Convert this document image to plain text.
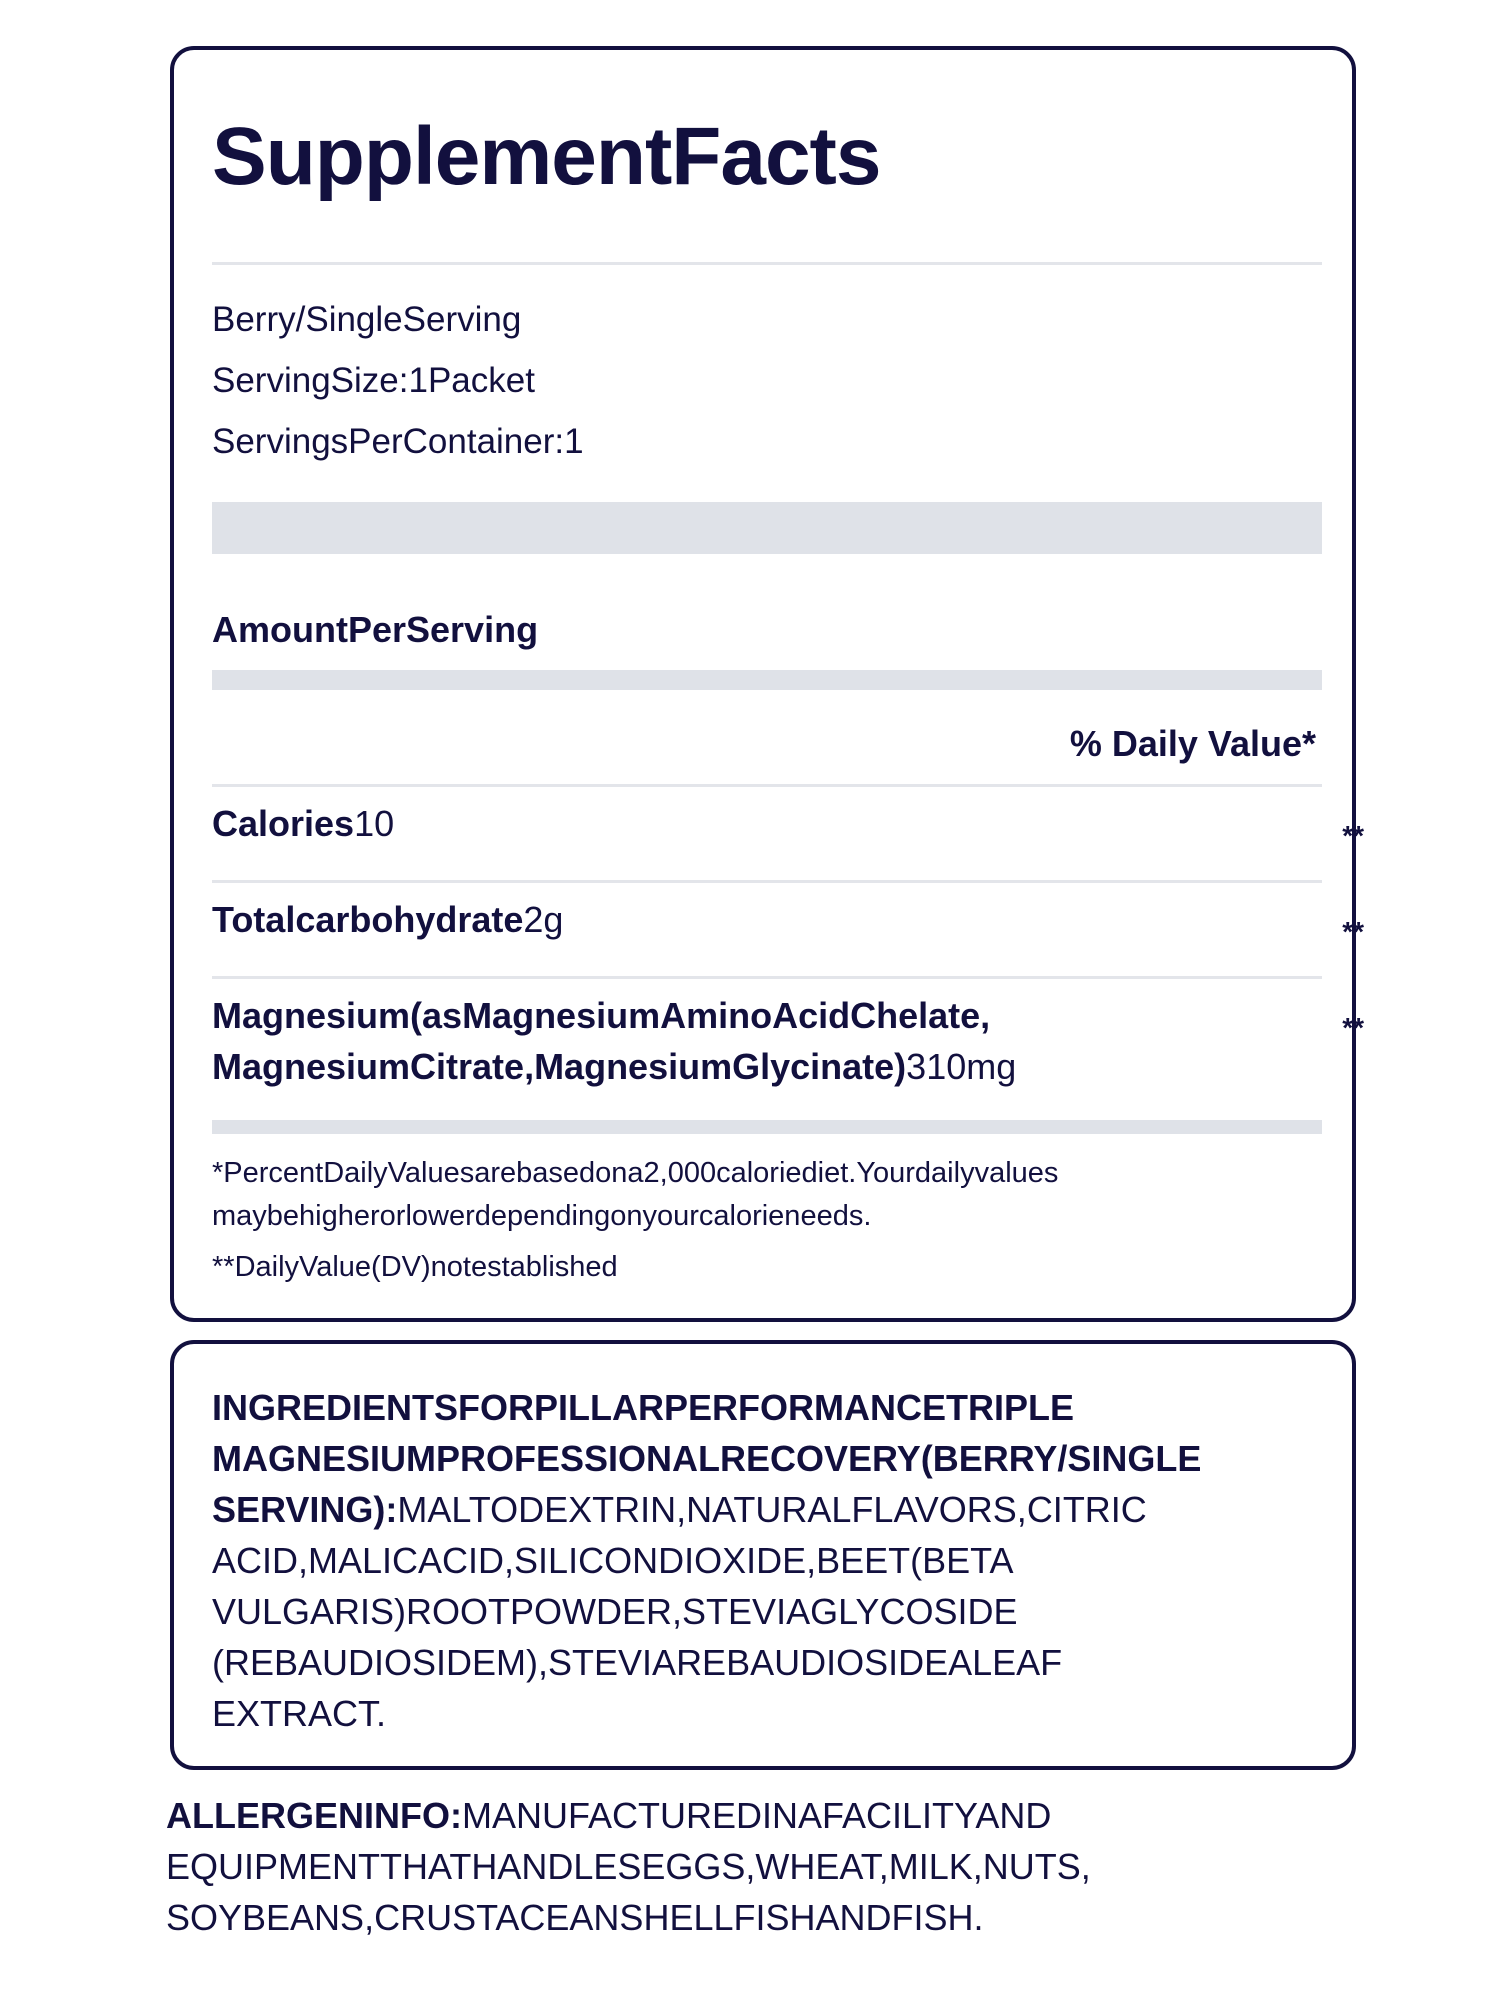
SupplementFacts
Berry/SingleServing
ServingSize:1Packet
ServingsPerContainer:1
AmountPerServing
% Daily Value*
Calories10	**
Totalcarbohydrate2g	**
Magnesium(asMagnesiumAminoAcidChelate,
MagnesiumCitrate,MagnesiumGlycinate)310mg
**
*PercentDailyValuesarebasedona2,000caloriediet.Yourdailyvalues
maybehigherorlowerdependingonyourcalorieneeds.
**DailyValue(DV)notestablished
INGREDIENTSFORPILLARPERFORMANCETRIPLE
MAGNESIUMPROFESSIONALRECOVERY(BERRY/SINGLE
SERVING):MALTODEXTRIN,NATURALFLAVORS,CITRIC
ACID,MALICACID,SILICONDIOXIDE,BEET(BETA
VULGARIS)ROOTPOWDER,STEVIAGLYCOSIDE
(REBAUDIOSIDEM),STEVIAREBAUDIOSIDEALEAF
EXTRACT.
ALLERGENINFO:MANUFACTUREDINAFACILITYAND
EQUIPMENTTHATHANDLESEGGS,WHEAT,MILK,NUTS,
SOYBEANS,CRUSTACEANSHELLFISHANDFISH.
